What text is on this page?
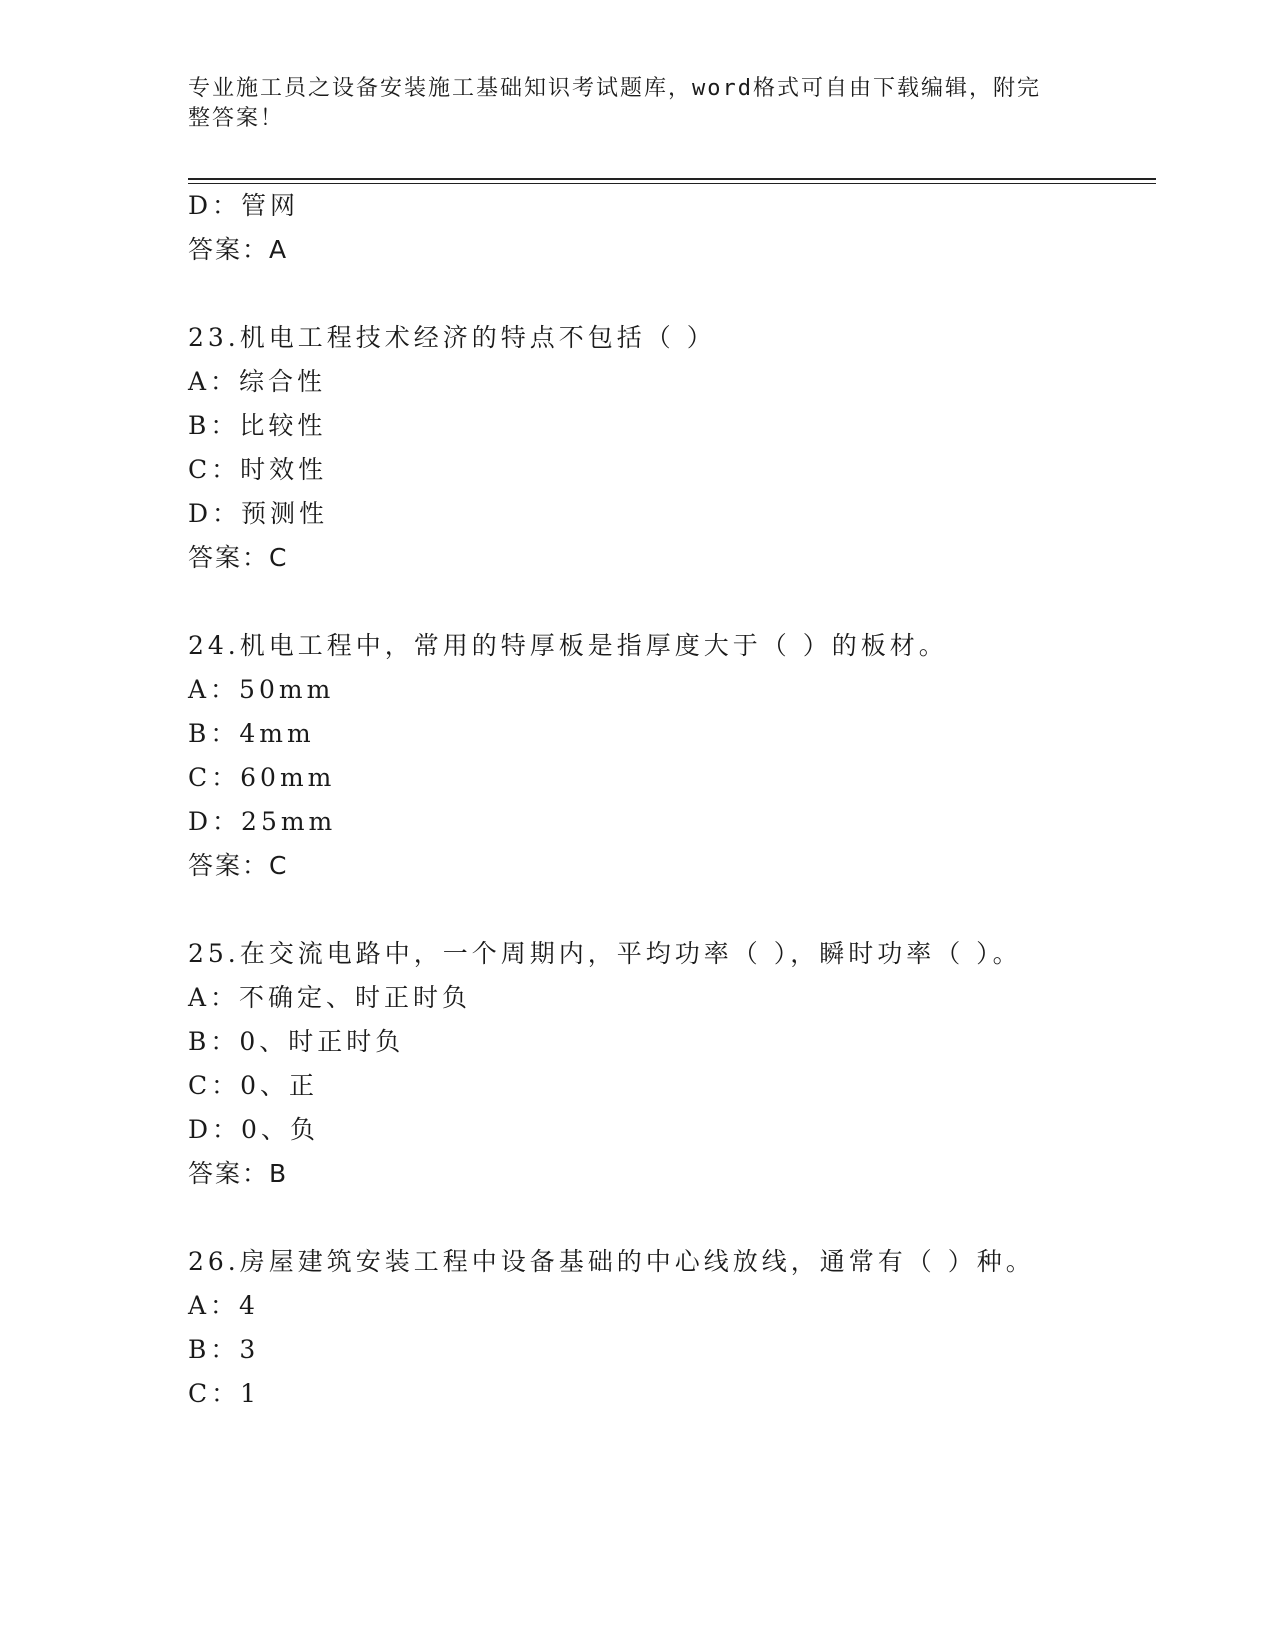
专业施工员之设备安装施工基础知识考试题库，word格式可自由下载编辑，附完
整答案！
D：管网
答案：A
23.机电工程技术经济的特点不包括（ ）
A：综合性
B：比较性
C：时效性
D：预测性
答案：C
24.机电工程中，常用的特厚板是指厚度大于（ ）的板材。
A：50mm
B：4mm
C：60mm
D：25mm
答案：C
25.在交流电路中，一个周期内，平均功率（ ），瞬时功率（ ）。
A：不确定、时正时负
B：0、时正时负
C：0、正
D：0、负
答案：B
26.房屋建筑安装工程中设备基础的中心线放线，通常有（ ）种。
A：4
B：3
C：1
